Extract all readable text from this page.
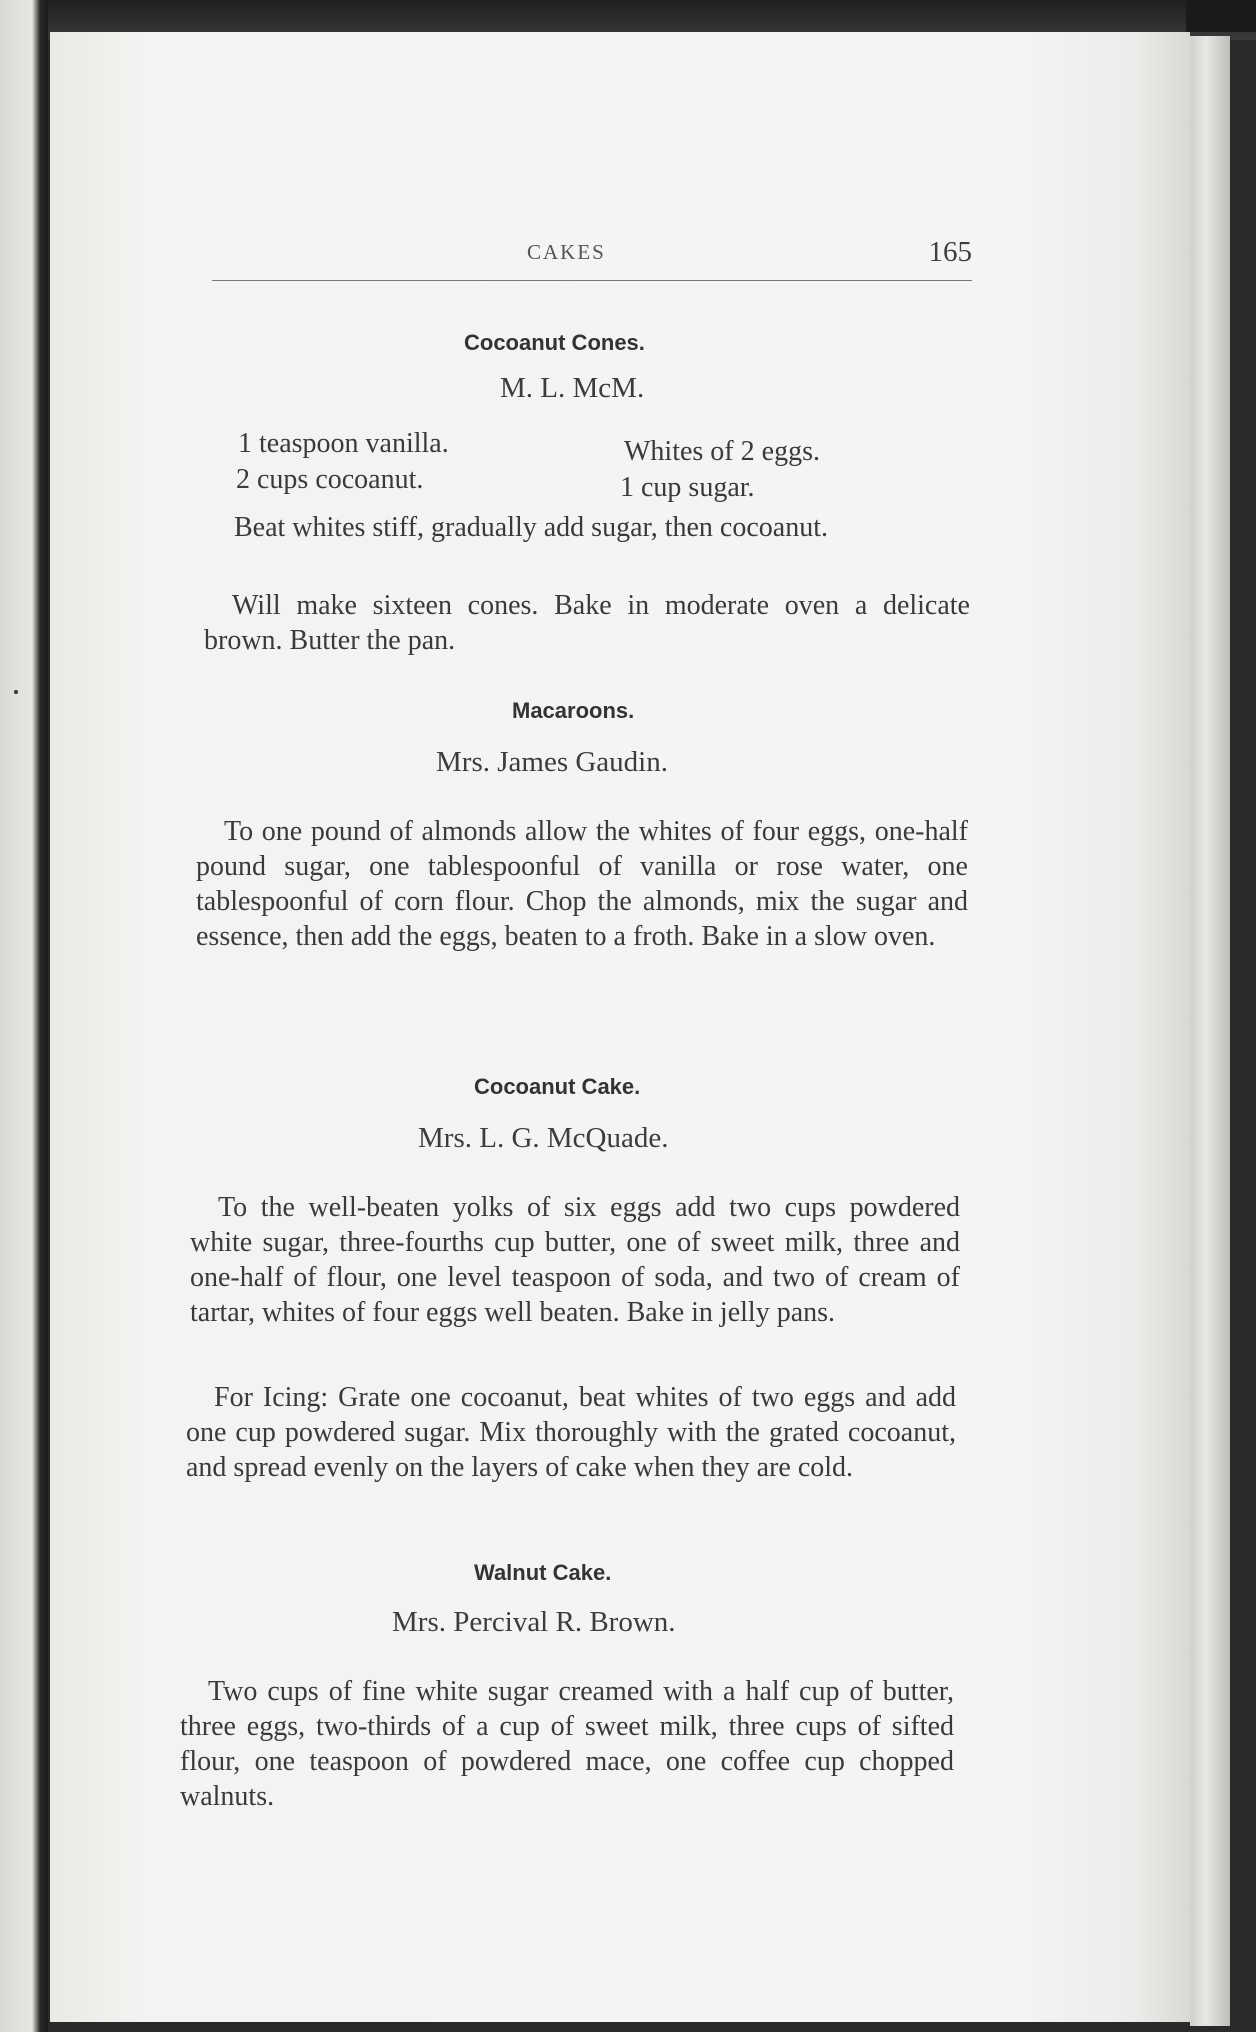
CAKES	165
Cocoanut Cones.
M. L. McM.
1 teaspoon vanilla.
2 cups cocoanut.
Whites of 2 eggs.
1 cup sugar.

Beat whites stiff, gradually add sugar, then cocoanut.

Will make sixteen cones. Bake in moderate oven a delicate brown. Butter the pan.

Macaroons.
Mrs. James Gaudin.

To one pound of almonds allow the whites of four eggs, one-half pound sugar, one tablespoonful of vanilla or rose water, one tablespoonful of corn flour. Chop the almonds, mix the sugar and essence, then add the eggs, beaten to a froth. Bake in a slow oven.

Cocoanut Cake.
Mrs. L. G. McQuade.

To the well-beaten yolks of six eggs add two cups powdered white sugar, three-fourths cup butter, one of sweet milk, three and one-half of flour, one level teaspoon of soda, and two of cream of tartar, whites of four eggs well beaten. Bake in jelly pans.

For Icing: Grate one cocoanut, beat whites of two eggs and add one cup powdered sugar. Mix thoroughly with the grated cocoanut, and spread evenly on the layers of cake when they are cold.

Walnut Cake.
Mrs. Percival R. Brown.

Two cups of fine white sugar creamed with a half cup of butter, three eggs, two-thirds of a cup of sweet milk, three cups of sifted flour, one teaspoon of powdered mace, one coffee cup chopped walnuts.
